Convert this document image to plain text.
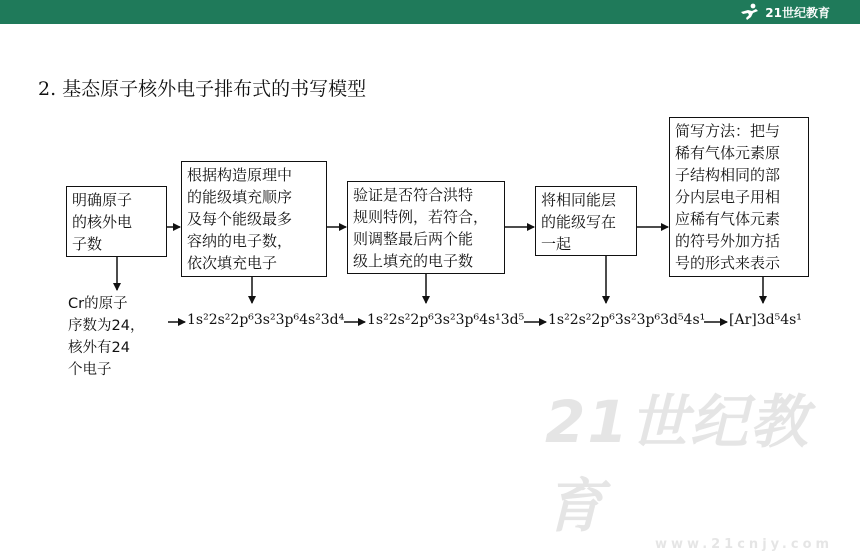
21世纪教育
2. 基态原子核外电子排布式的书写模型
明确原子
的核外电
子数
根据构造原理中
的能级填充顺序
及每个能级最多
容纳的电子数，
依次填充电子
验证是否符合洪特
规则特例，若符合，
则调整最后两个能
级上填充的电子数
将相同能层
的能级写在
一起
简写方法：把与
稀有气体元素原
子结构相同的部
分内层电子用相
应稀有气体元素
的符号外加方括
号的形式来表示
Cr的原子
序数为24，
核外有24
个电子
1s²2s²2p⁶3s²3p⁶4s²3d⁴ 1s²2s²2p⁶3s²3p⁶4s¹3d⁵ 1s²2s²2p⁶3s²3p⁶3d⁵4s¹ [Ar]3d⁵4s¹
21世纪教育
www.21cnjy.com
